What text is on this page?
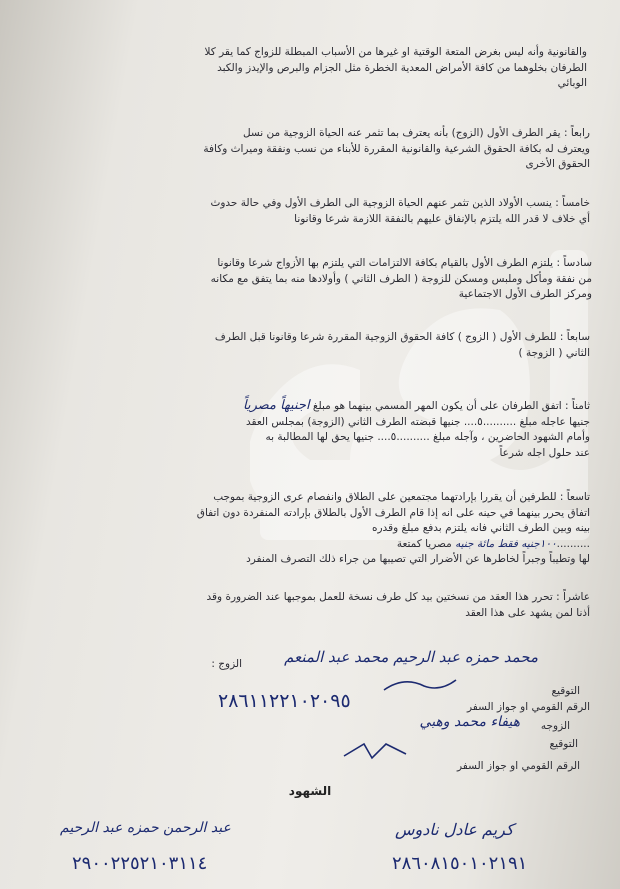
والقانونية وأنه ليس بغرض المتعة الوقتية او غيرها من الأسباب المبطلة للزواج كما يقر كلا

الطرفان بخلوهما من كافة الأمراض المعدية الخطرة مثل الجزام والبرص والإيدز والكبد

الوبائي

رابعاً : يقر الطرف الأول (الزوج) بأنه يعترف بما تثمر عنه الحياة الزوجية من نسل

ويعترف له بكافة الحقوق الشرعية والقانونية المقررة للأبناء من نسب ونفقة وميراث وكافة

الحقوق الأخرى

خامساً : ينسب الأولاد الذين تثمر عنهم الحياة الزوجية الى الطرف الأول وفي حالة حدوث

أي خلاف لا قدر الله يلتزم بالإنفاق عليهم بالنفقة اللازمة شرعا وقانونا

سادساً : يلتزم الطرف الأول بالقيام بكافة الالتزامات التي يلتزم بها الأزواج شرعا وقانونا

من نفقة ومأكل وملبس ومسكن للزوجة ( الطرف الثاني ) وأولادها منه بما يتفق مع مكانه

ومركز الطرف الأول الاجتماعية

سابعاً : للطرف الأول ( الزوج ) كافة الحقوق الزوجية المقررة شرعا وقانونا قبل الطرف

الثاني ( الزوجة )

ثامناً : اتفق الطرفان على أن يكون المهر المسمي بينهما هو مبلغ اجنيهاً مصرياً

جنيها عاجله مبلغ ..........٥.... جنيها قبضته الطرف الثاني (الزوجة) بمجلس العقد

وأمام الشهود الحاضرين ، وآجله مبلغ ..........٥.... جنيها يحق لها المطالبة به

عند حلول اجله شرعاً

تاسعاً : للطرفين أن يقررا بإرادتهما مجتمعين على الطلاق وانفصام عرى الزوجية بموجب

اتفاق يحرر بينهما في حينه على انه إذا قام الطرف الأول بالطلاق بإرادته المنفردة دون اتفاق

بينه وبين الطرف الثاني فانه يلتزم بدفع مبلغ وقدره

..........١٠٠جنيه فقط مائة جنيه مصريا كمتعة

لها وتطيباً وجبراً لخاطرها عن الأضرار التي تصيبها من جراء ذلك التصرف المنفرد

عاشراً : تحرر هذا العقد من نسختين بيد كل طرف نسخة للعمل بموجبها عند الضرورة وقد

أذنا لمن يشهد على هذا العقد

الزوج :	محمد حمزه عبد الرحيم محمد عبد المنعم
التوقيع
الرقم القومي او جواز السفر
٢٨٦١١٢٢١٠٢٠٩٥
الزوجه
هيفاء محمد وهبي
التوقيع
الرقم القومي او جواز السفر
الشهود
كريم عادل نادوس
٢٨٦٠٨١٥٠١٠٢١٩١
عبد الرحمن حمزه عبد الرحيم
٢٩٠٠٢٢٥٢١٠٣١١٤
